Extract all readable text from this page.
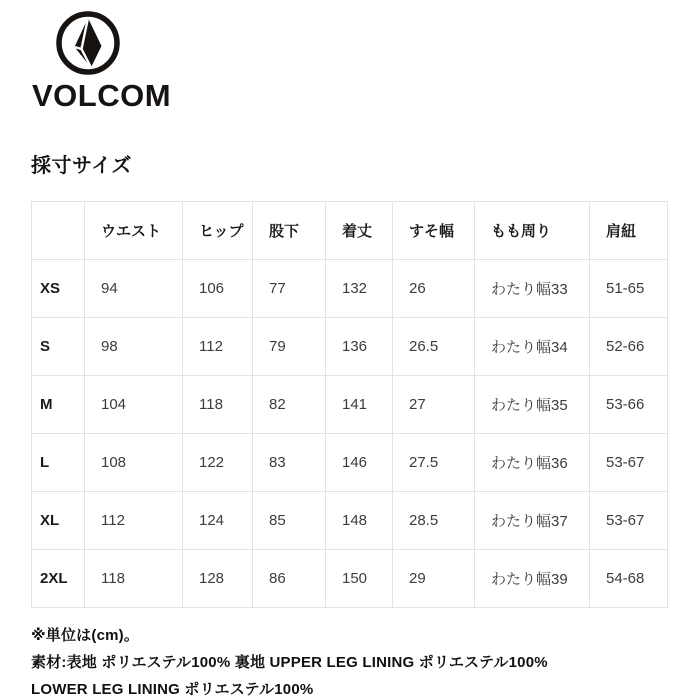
VOLCOM
採寸サイズ
	ウエスト	ヒップ	股下	着丈	すそ幅	もも周り	肩紐
XS	94	106	77	132	26	わたり幅33	51-65
S	98	112	79	136	26.5	わたり幅34	52-66
M	104	118	82	141	27	わたり幅35	53-66
L	108	122	83	146	27.5	わたり幅36	53-67
XL	112	124	85	148	28.5	わたり幅37	53-67
2XL	118	128	86	150	29	わたり幅39	54-68
※単位は(cm)。
素材:表地 ポリエステル100% 裏地 UPPER LEG LINING ポリエステル100%
LOWER LEG LINING ポリエステル100%
